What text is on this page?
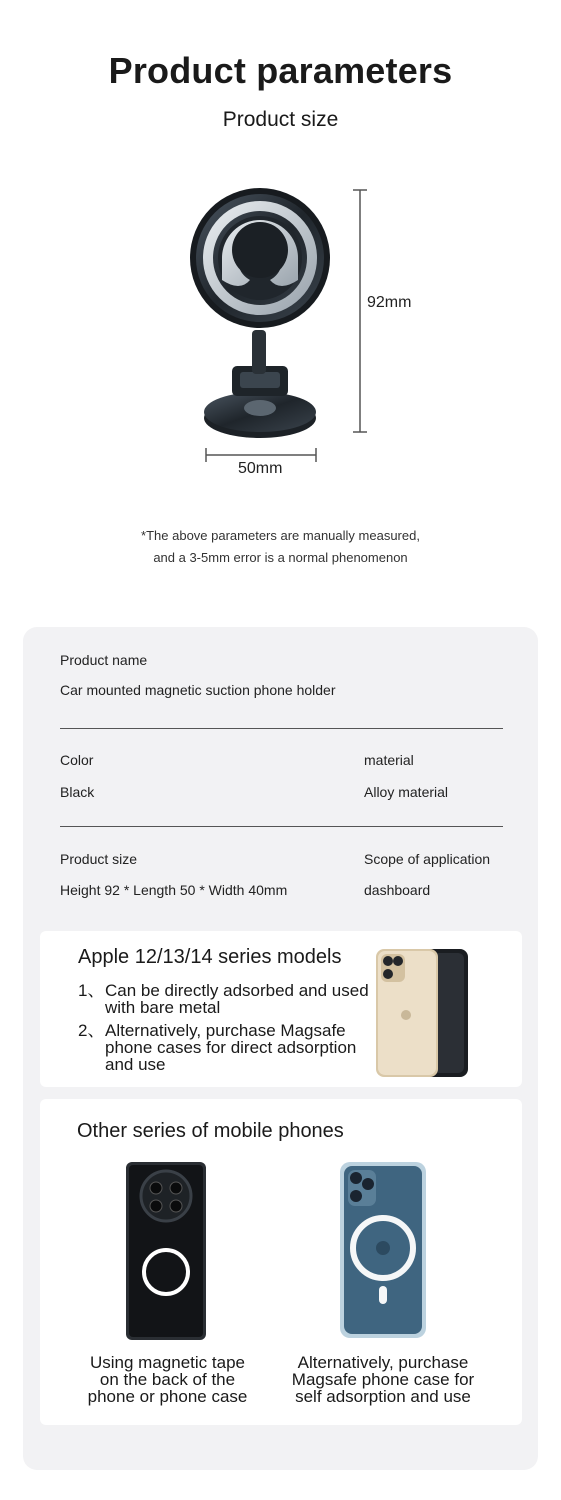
Product parameters
Product size
92mm
50mm
*The above parameters are manually measured,
and a 3-5mm error is a normal phenomenon
Product name
Car mounted magnetic suction phone holder
Color	material
Black	Alloy material
Product size	Scope of application
Height 92 * Length 50 * Width 40mm	dashboard
Apple 12/13/14 series models
1、 Can be directly adsorbed and used with bare metal
2、 Alternatively, purchase Magsafe phone cases for direct adsorption and use
Other series of mobile phones
Using magnetic tape on the back of the phone or phone case
Alternatively, purchase Magsafe phone case for self adsorption and use
